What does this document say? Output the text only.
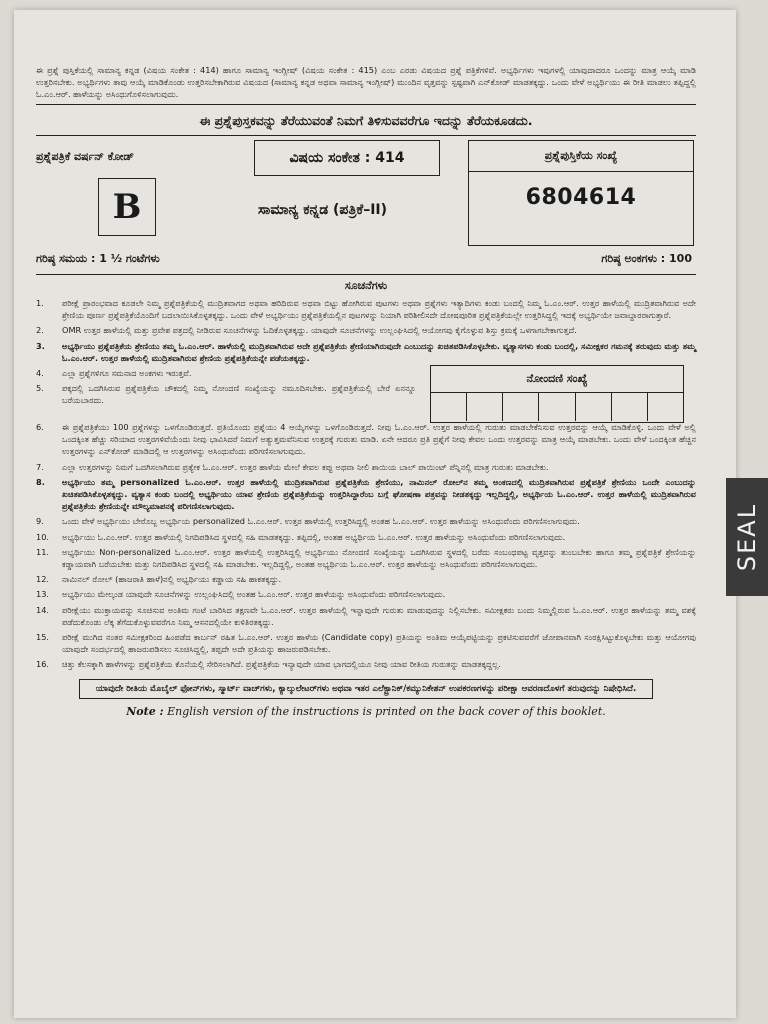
ಈ ಪ್ರಶ್ನೆ ಪುಸ್ತಿಕೆಯಲ್ಲಿ ಸಾಮಾನ್ಯ ಕನ್ನಡ (ವಿಷಯ ಸಂಕೇತ : 414) ಹಾಗೂ ಸಾಮಾನ್ಯ ಇಂಗ್ಲೀಷ್ (ವಿಷಯ ಸಂಕೇತ : 415) ಎಂಬ ಎರಡು ವಿಷಯದ ಪ್ರಶ್ನೆ ಪತ್ರಿಕೆಗಳಿವೆ. ಅಭ್ಯರ್ಥಿಗಳು ಇವುಗಳಲ್ಲಿ ಯಾವುದಾದರೂ ಒಂದನ್ನು ಮಾತ್ರ ಆಯ್ಕೆ ಮಾಡಿ ಉತ್ತರಿಸಬೇಕು. ಅಭ್ಯರ್ಥಿಗಳು ತಾವು ಆಯ್ಕೆ ಮಾಡಿಕೊಂಡು ಉತ್ತರಿಸಬೇಕಾಗಿರುವ ವಿಷಯದ (ಸಾಮಾನ್ಯ ಕನ್ನಡ ಅಥವಾ ಸಾಮಾನ್ಯ ಇಂಗ್ಲೀಷ್) ಮುಂದಿನ ವೃತ್ತವನ್ನು ಸ್ಪಷ್ಟವಾಗಿ ಎನ್‌ಕೋಡ್ ಮಾಡತಕ್ಕದ್ದು. ಒಂದು ವೇಳೆ ಅಭ್ಯರ್ಥಿಯು ಈ ರೀತಿ ಮಾಡಲು ತಪ್ಪಿದ್ದಲ್ಲಿ ಓ.ಎಂ.ಆರ್. ಹಾಳೆಯನ್ನು ಅಸಿಂಧುಗೊಳಿಸಲಾಗುವುದು.
ಈ ಪ್ರಶ್ನೆಪುಸ್ತಕವನ್ನು ತೆರೆಯುವಂತೆ ನಿಮಗೆ ತಿಳಿಸುವವರೆಗೂ ಇದನ್ನು ತೆರೆಯಕೂಡದು.
ಪ್ರಶ್ನೆಪತ್ರಿಕೆ ವರ್ಷನ್ ಕೋಡ್
B
ವಿಷಯ ಸಂಕೇತ : 414
ಸಾಮಾನ್ಯ ಕನ್ನಡ (ಪತ್ರಿಕೆ–II)
ಪ್ರಶ್ನೆಪುಸ್ತಿಕೆಯ ಸಂಖ್ಯೆ
6804614
ಗರಿಷ್ಠ ಸಮಯ : 1 ½ ಗಂಟೆಗಳು	ಗರಿಷ್ಠ ಅಂಕಗಳು : 100
ಸೂಚನೆಗಳು
1. ಪರೀಕ್ಷೆ ಪ್ರಾರಂಭವಾದ ಕೂಡಲೇ ನಿಮ್ಮ ಪ್ರಶ್ನೆಪತ್ರಿಕೆಯಲ್ಲಿ ಮುದ್ರಿತವಾಗದ ಅಥವಾ ಹರಿದಿರುವ ಅಥವಾ ಬಿಟ್ಟು ಹೋಗಿರುವ ಪುಟಗಳು ಅಥವಾ ಪ್ರಶ್ನೆಗಳು ಇತ್ಯಾದಿಗಳು ಕಂಡು ಬಂದಲ್ಲಿ ನಿಮ್ಮ ಓ.ಎಂ.ಆರ್. ಉತ್ತರ ಹಾಳೆಯಲ್ಲಿ ಮುದ್ರಿತವಾಗಿರುವ ಅದೇ ಶ್ರೇಣಿಯ ಪೂರ್ಣ ಪ್ರಶ್ನೆಪತ್ರಿಕೆಯೊಂದಿಗೆ ಬದಲಾಯಿಸಿಕೊಳ್ಳತಕ್ಕದ್ದು. ಒಂದು ವೇಳೆ ಅಭ್ಯರ್ಥಿಯು ಪ್ರಶ್ನೆಪತ್ರಿಕೆಯಲ್ಲಿನ ಪುಟಗಳನ್ನು ನಿಯಾಗಿ ಪರಿಶೀಲಿಸದೇ ದೋಷಪೂರಿತ ಪ್ರಶ್ನೆಪತ್ರಿಕೆಯಲ್ಲೇ ಉತ್ತರಿಸಿದ್ದಲ್ಲಿ ಇದಕ್ಕೆ ಅಭ್ಯರ್ಥಿಯೇ ಜವಾಬ್ದಾರರಾಗುತ್ತಾರೆ.
2. OMR ಉತ್ತರ ಹಾಳೆಯಲ್ಲಿ ಮತ್ತು ಪ್ರವೇಶ ಪತ್ರದಲ್ಲಿ ನೀಡಿರುವ ಸೂಚನೆಗಳನ್ನು ಓದಿಕೊಳ್ಳತಕ್ಕದ್ದು. ಯಾವುದೇ ಸೂಚನೆಗಳನ್ನು ಉಲ್ಲಂಘಿಸಿದಲ್ಲಿ ಆಯೋಗವು ಕೈಗೊಳ್ಳುವ ಶಿಸ್ತು ಕ್ರಮಕ್ಕೆ ಒಳಗಾಗಬೇಕಾಗುತ್ತದೆ.
3. ಅಭ್ಯರ್ಥಿಯು ಪ್ರಶ್ನೆಪತ್ರಿಕೆಯ ಶ್ರೇಣಿಯು ತಮ್ಮ ಓ.ಎಂ.ಆರ್. ಹಾಳೆಯಲ್ಲಿ ಮುದ್ರಿತವಾಗಿರುವ ಅದೇ ಪ್ರಶ್ನೆಪತ್ರಿಕೆಯ ಶ್ರೇಣಿಯಾಗಿರುವುದೇ ಎಂಬುದನ್ನು ಖಚಿತಪಡಿಸಿಕೊಳ್ಳಬೇಕು. ವ್ಯತ್ಯಾಸಗಳು ಕಂಡು ಬಂದಲ್ಲಿ, ಸಮೀಕ್ಷಕರ ಗಮನಕ್ಕೆ ತರುವುದು ಮತ್ತು ತಮ್ಮ ಓ.ಎಂ.ಆರ್. ಉತ್ತರ ಹಾಳೆಯಲ್ಲಿ ಮುದ್ರಿತವಾಗಿರುವ ಶ್ರೇಣಿಯ ಪ್ರಶ್ನೆಪತ್ರಿಕೆಯನ್ನೇ ಪಡೆಯತಕ್ಕದ್ದು.
4. ಎಲ್ಲಾ ಪ್ರಶ್ನೆಗಳಿಗೂ ಸಮನಾದ ಅಂಕಗಳು ಇರುತ್ತವೆ.
5. ಪಕ್ಕದಲ್ಲಿ ಒದಗಿಸಿರುವ ಪ್ರಶ್ನೆಪತ್ರಿಕೆಯ ಚೌಕದಲ್ಲಿ ನಿಮ್ಮ ನೋಂದಣಿ ಸಂಖ್ಯೆಯನ್ನು ನಮೂದಿಸಬೇಕು. ಪ್ರಶ್ನೆಪತ್ರಿಕೆಯಲ್ಲಿ ಬೇರೆ ಏನನ್ನೂ ಬರೆಯಬಾರದು.
ನೋಂದಣಿ ಸಂಖ್ಯೆ
6. ಈ ಪ್ರಶ್ನೆಪತ್ರಿಕೆಯು 100 ಪ್ರಶ್ನೆಗಳನ್ನು ಒಳಗೊಂಡಿರುತ್ತದೆ. ಪ್ರತಿಯೊಂದು ಪ್ರಶ್ನೆಯು 4 ಆಯ್ಕೆಗಳನ್ನು ಒಳಗೊಂಡಿರುತ್ತದೆ. ನೀವು ಓ.ಎಂ.ಆರ್. ಉತ್ತರ ಹಾಳೆಯಲ್ಲಿ ಗುರುತು ಮಾಡಬೇಕೆನಿಸುವ ಉತ್ತರವನ್ನು ಆಯ್ಕೆ ಮಾಡಿಕೊಳ್ಳಿ. ಒಂದು ವೇಳೆ ಅಲ್ಲಿ ಒಂದಕ್ಕಿಂತ ಹೆಚ್ಚು ಸರಿಯಾದ ಉತ್ತರಗಳಿವೆಯೆಂದು ನೀವು ಭಾವಿಸಿದರೆ ನಿಮಗೆ ಅತ್ಯುತ್ತಮವೆನಿಸುವ ಉತ್ತರಕ್ಕೆ ಗುರುತು ಮಾಡಿ. ಏನೇ ಆದರೂ ಪ್ರತಿ ಪ್ರಶ್ನೆಗೆ ನೀವು ಕೇವಲ ಒಂದು ಉತ್ತರವನ್ನು ಮಾತ್ರ ಆಯ್ಕೆ ಮಾಡಬೇಕು. ಒಂದು ವೇಳೆ ಒಂದಕ್ಕಿಂತ ಹೆಚ್ಚಿನ ಉತ್ತರಗಳನ್ನು ಎನ್‌ಕೋಡ್ ಮಾಡಿದಲ್ಲಿ ಆ ಉತ್ತರಗಳನ್ನು ಅಸಿಂಧುವೆಂದು ಪರಿಗಣಿಸಲಾಗುವುದು.
7. ಎಲ್ಲಾ ಉತ್ತರಗಳನ್ನು ನಿಮಗೆ ಒದಗಿಸಲಾಗಿರುವ ಪ್ರತ್ಯೇಕ ಓ.ಎಂ.ಆರ್. ಉತ್ತರ ಹಾಳೆಯ ಮೇಲೆ ಕೇವಲ ಕಪ್ಪು ಅಥವಾ ನೀಲಿ ಶಾಯಿಯ ಬಾಲ್ ಪಾಯಿಂಟ್ ಪೆನ್ನಿನಲ್ಲಿ ಮಾತ್ರ ಗುರುತು ಮಾಡಬೇಕು.
8. ಅಭ್ಯರ್ಥಿಯು ತಮ್ಮ personalized ಓ.ಎಂ.ಆರ್. ಉತ್ತರ ಹಾಳೆಯಲ್ಲಿ ಮುದ್ರಿತವಾಗಿರುವ ಪ್ರಶ್ನೆಪತ್ರಿಕೆಯ ಶ್ರೇಣಿಯು, ನಾಮಿನಲ್ ರೋಲ್‌ನ ತಮ್ಮ ಅಂಕಣದಲ್ಲಿ ಮುದ್ರಿತವಾಗಿರುವ ಪ್ರಶ್ನೆಪತ್ರಿಕೆ ಶ್ರೇಣಿಯು ಒಂದೇ ಎಂಬುದನ್ನು ಖಚಿತಪಡಿಸಿಕೊಳ್ಳತಕ್ಕದ್ದು. ವ್ಯತ್ಯಾಸ ಕಂಡು ಬಂದಲ್ಲಿ ಅಭ್ಯರ್ಥಿಯು ಯಾವ ಶ್ರೇಣಿಯ ಪ್ರಶ್ನೆಪತ್ರಿಕೆಯನ್ನು ಉತ್ತರಿಸಿದ್ದಾರೆಂಬ ಬಗ್ಗೆ ಘೋಷಣಾ ಪತ್ರವನ್ನು ನೀಡತಕ್ಕದ್ದು ಇಲ್ಲದಿದ್ದಲ್ಲಿ, ಅಭ್ಯರ್ಥಿಯ ಓ.ಎಂ.ಆರ್. ಉತ್ತರ ಹಾಳೆಯಲ್ಲಿ ಮುದ್ರಿತವಾಗಿರುವ ಪ್ರಶ್ನೆಪತ್ರಿಕೆಯ ಶ್ರೇಣಿಯನ್ನೇ ಮೌಲ್ಯಮಾಪನಕ್ಕೆ ಪರಿಗಣಿಸಲಾಗುವುದು.
9. ಒಂದು ವೇಳೆ ಅಭ್ಯರ್ಥಿಯು ಬೇರೊಬ್ಬ ಅಭ್ಯರ್ಥಿಯ personalized ಓ.ಎಂ.ಆರ್. ಉತ್ತರ ಹಾಳೆಯಲ್ಲಿ ಉತ್ತರಿಸಿದ್ದಲ್ಲಿ ಅಂತಹ ಓ.ಎಂ.ಆರ್. ಉತ್ತರ ಹಾಳೆಯನ್ನು ಅಸಿಂಧುವೆಂದು ಪರಿಗಣಿಸಲಾಗುವುದು.
10. ಅಭ್ಯರ್ಥಿಯು ಓ.ಎಂ.ಆರ್. ಉತ್ತರ ಹಾಳೆಯಲ್ಲಿ ನಿಗದಿಪಡಿಸಿದ ಸ್ಥಳದಲ್ಲಿ ಸಹಿ ಮಾಡತಕ್ಕದ್ದು. ತಪ್ಪಿದಲ್ಲಿ, ಅಂತಹ ಅಭ್ಯರ್ಥಿಯ ಓ.ಎಂ.ಆರ್. ಉತ್ತರ ಹಾಳೆಯನ್ನು ಅಸಿಂಧುವೆಂದು ಪರಿಗಣಿಸಲಾಗುವುದು.
11. ಅಭ್ಯರ್ಥಿಯು Non-personalized ಓ.ಎಂ.ಆರ್. ಉತ್ತರ ಹಾಳೆಯಲ್ಲಿ ಉತ್ತರಿಸಿದ್ದಲ್ಲಿ ಅಭ್ಯರ್ಥಿಯು ನೋಂದಣಿ ಸಂಖ್ಯೆಯನ್ನು ಒದಗಿಸಿರುವ ಸ್ಥಳದಲ್ಲಿ ಬರೆದು ಸಂಬಂಧಪಟ್ಟ ವೃತ್ತವನ್ನು ತುಂಬಬೇಕು ಹಾಗೂ ತಮ್ಮ ಪ್ರಶ್ನೆಪತ್ರಿಕೆ ಶ್ರೇಣಿಯನ್ನು ಕಡ್ಡಾಯವಾಗಿ ಬರೆಯಬೇಕು ಮತ್ತು ನಿಗದಿಪಡಿಸಿದ ಸ್ಥಳದಲ್ಲಿ ಸಹಿ ಮಾಡಬೇಕು. ಇಲ್ಲದಿದ್ದಲ್ಲಿ, ಅಂತಹ ಅಭ್ಯರ್ಥಿಯ ಓ.ಎಂ.ಆರ್. ಉತ್ತರ ಹಾಳೆಯನ್ನು ಅಸಿಂಧುವೆಂದು ಪರಿಗಣಿಸಲಾಗುವುದು.
12. ನಾಮಿನಲ್ ರೋಲ್ (ಹಾಜರಾತಿ ಹಾಳೆ)ನಲ್ಲಿ ಅಭ್ಯರ್ಥಿಯು ಕಡ್ಡಾಯ ಸಹಿ ಹಾಕತಕ್ಕದ್ದು.
13. ಅಭ್ಯರ್ಥಿಯು ಮೇಲ್ಕಂಡ ಯಾವುದೇ ಸೂಚನೆಗಳನ್ನು ಉಲ್ಲಂಘಿಸಿದಲ್ಲಿ ಅಂತಹ ಓ.ಎಂ.ಆರ್. ಉತ್ತರ ಹಾಳೆಯನ್ನು ಅಸಿಂಧುವೆಂದು ಪರಿಗಣಿಸಲಾಗುವುದು.
14. ಪರೀಕ್ಷೆಯು ಮುಕ್ತಾಯವನ್ನು ಸೂಚಿಸುವ ಅಂತಿಮ ಗಂಟೆ ಬಾರಿಸಿದ ತಕ್ಷಣವೇ ಓ.ಎಂ.ಆರ್. ಉತ್ತರ ಹಾಳೆಯಲ್ಲಿ ಇನ್ನಾವುದೇ ಗುರುತು ಮಾಡುವುದನ್ನು ನಿಲ್ಲಿಸಬೇಕು. ಸಮೀಕ್ಷಕರು ಬಂದು ನಿಮ್ಮಲ್ಲಿರುವ ಓ.ಎಂ.ಆರ್. ಉತ್ತರ ಹಾಳೆಯನ್ನು ತಮ್ಮ ವಶಕ್ಕೆ ಪಡೆದುಕೊಂಡು ಲೆಕ್ಕ ತೆಗೆದುಕೊಳ್ಳುವವರೆಗೂ ನಿಮ್ಮ ಆಸನದಲ್ಲಿಯೇ ಕುಳಿತಿರತಕ್ಕದ್ದು.
15. ಪರೀಕ್ಷೆ ಮುಗಿದ ನಂತರ ಸಮೀಕ್ಷಕರಿಂದ ಹಿಂಪಡೆದ ಕಾರ್ಬನ್ ರಹಿತ ಓ.ಎಂ.ಆರ್. ಉತ್ತರ ಹಾಳೆಯ (Candidate copy) ಪ್ರತಿಯನ್ನು ಅಂತಿಮ ಆಯ್ಕೆಪಟ್ಟಿಯನ್ನು ಪ್ರಕಟಿಸುವವರೆಗೆ ಜೋಪಾನವಾಗಿ ಸಂರಕ್ಷಿಸಿಟ್ಟುಕೊಳ್ಳಬೇಕು ಮತ್ತು ಆಯೋಗವು ಯಾವುದೇ ಸಂದರ್ಭದಲ್ಲಿ ಹಾಜರುಪಡಿಸಲು ಸೂಚಿಸಿದ್ದಲ್ಲಿ, ತಪ್ಪದೇ ಅದೇ ಪ್ರತಿಯನ್ನು ಹಾಜರುಪಡಿಸಬೇಕು.
16. ಚಿತ್ತು ಕೆಲಸಕ್ಕಾಗಿ ಹಾಳೆಗಳನ್ನು ಪ್ರಶ್ನೆಪತ್ರಿಕೆಯ ಕೊನೆಯಲ್ಲಿ ಸೇರಿಸಲಾಗಿದೆ. ಪ್ರಶ್ನೆಪತ್ರಿಕೆಯ ಇನ್ಯಾವುದೇ ಯಾವ ಭಾಗದಲ್ಲಿಯೂ ನೀವು ಯಾವ ರೀತಿಯ ಗುರುತನ್ನು ಮಾಡತಕ್ಕದ್ದಲ್ಲ.
ಯಾವುದೇ ರೀತಿಯ ಮೊಬೈಲ್ ಫೋನ್‌ಗಳು, ಸ್ಮಾರ್ಟ್ ವಾಚ್‌ಗಳು, ಕ್ಯಾಲ್ಕುಲೇಟರ್‌ಗಳು ಅಥವಾ ಇತರ ಎಲೆಕ್ಟ್ರಾನಿಕ್/ಕಮ್ಯುನಿಕೇಶನ್ ಉಪಕರಣಗಳನ್ನು ಪರೀಕ್ಷಾ ಆವರಣದೊಳಗೆ ತರುವುದನ್ನು ನಿಷೇಧಿಸಿದೆ.
Note : English version of the instructions is printed on the back cover of this booklet.
SEAL
